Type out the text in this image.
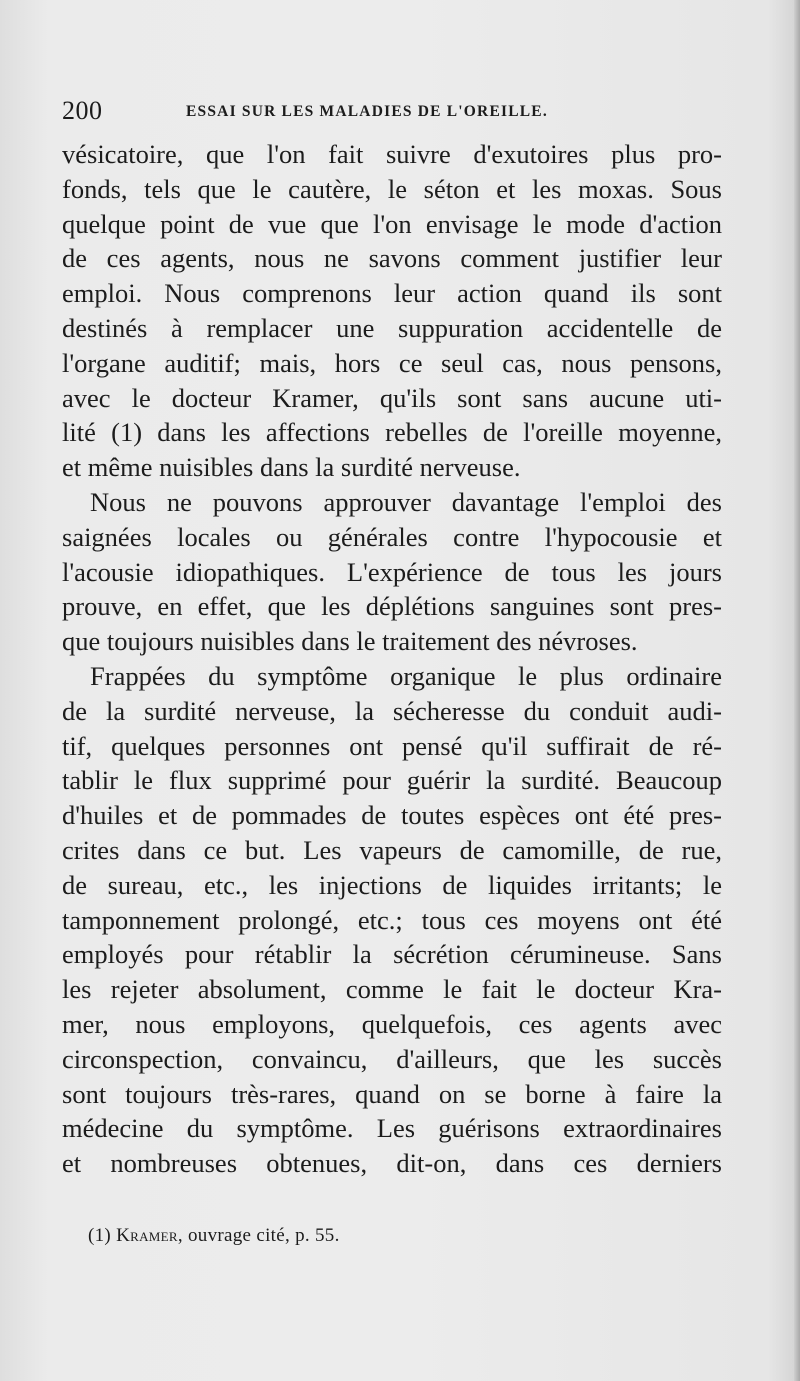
200	ESSAI SUR LES MALADIES DE L'OREILLE.
vésicatoire, que l'on fait suivre d'exutoires plus pro-
fonds, tels que le cautère, le séton et les moxas. Sous
quelque point de vue que l'on envisage le mode d'action
de ces agents, nous ne savons comment justifier leur
emploi. Nous comprenons leur action quand ils sont
destinés à remplacer une suppuration accidentelle de
l'organe auditif; mais, hors ce seul cas, nous pensons,
avec le docteur Kramer, qu'ils sont sans aucune uti-
lité (1) dans les affections rebelles de l'oreille moyenne,
et même nuisibles dans la surdité nerveuse.
Nous ne pouvons approuver davantage l'emploi des
saignées locales ou générales contre l'hypocousie et
l'acousie idiopathiques. L'expérience de tous les jours
prouve, en effet, que les déplétions sanguines sont pres-
que toujours nuisibles dans le traitement des névroses.
Frappées du symptôme organique le plus ordinaire
de la surdité nerveuse, la sécheresse du conduit audi-
tif, quelques personnes ont pensé qu'il suffirait de ré-
tablir le flux supprimé pour guérir la surdité. Beaucoup
d'huiles et de pommades de toutes espèces ont été pres-
crites dans ce but. Les vapeurs de camomille, de rue,
de sureau, etc., les injections de liquides irritants; le
tamponnement prolongé, etc.; tous ces moyens ont été
employés pour rétablir la sécrétion cérumineuse. Sans
les rejeter absolument, comme le fait le docteur Kra-
mer, nous employons, quelquefois, ces agents avec
circonspection, convaincu, d'ailleurs, que les succès
sont toujours très-rares, quand on se borne à faire la
médecine du symptôme. Les guérisons extraordinaires
et nombreuses obtenues, dit-on, dans ces derniers
(1) Kramer, ouvrage cité, p. 55.
